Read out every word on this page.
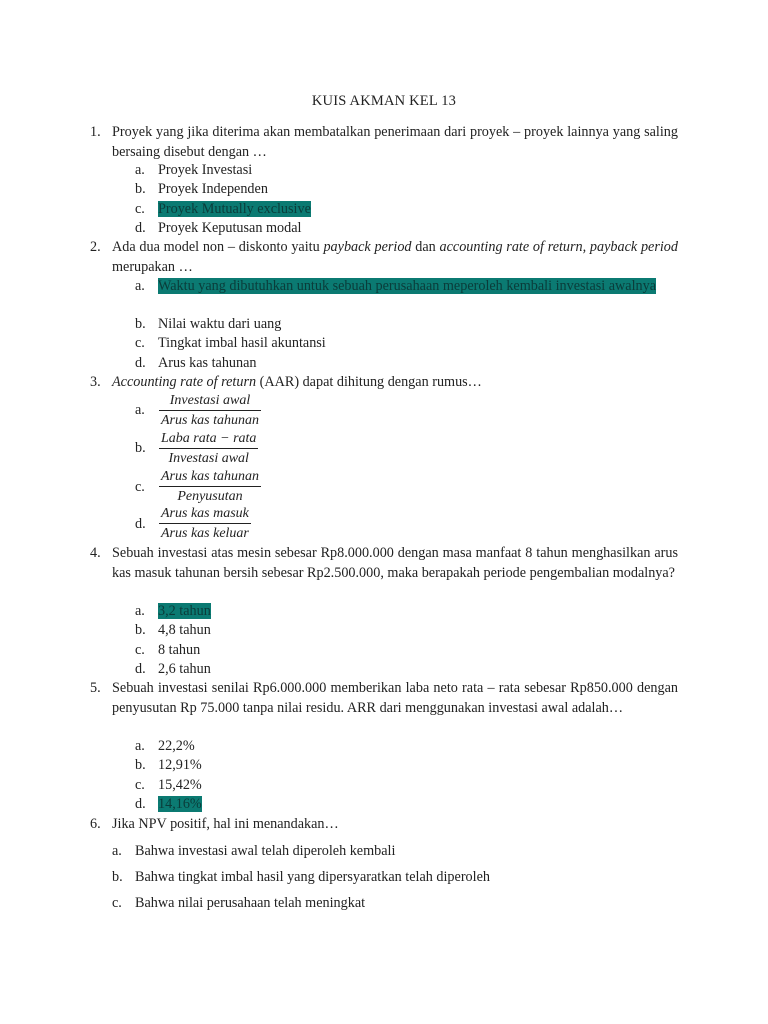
KUIS AKMAN KEL 13
1. Proyek yang jika diterima akan membatalkan penerimaan dari proyek – proyek lainnya yang saling bersaing disebut dengan …
a. Proyek Investasi
b. Proyek Independen
c. Proyek Mutually exclusive
d. Proyek Keputusan modal
2. Ada dua model non – diskonto yaitu payback period dan accounting rate of return, payback period merupakan …
a. Waktu yang dibutuhkan untuk sebuah perusahaan meperoleh kembali investasi awalnya
b. Nilai waktu dari uang
c. Tingkat imbal hasil akuntansi
d. Arus kas tahunan
3. Accounting rate of return (AAR) dapat dihitung dengan rumus…
a.
Investasi awal
Arus kas tahunan
b.
Laba rata − rata
Investasi awal
c.
Arus kas tahunan
Penyusutan
d.
Arus kas masuk
Arus kas keluar
4. Sebuah investasi atas mesin sebesar Rp8.000.000 dengan masa manfaat 8 tahun menghasilkan arus kas masuk tahunan bersih sebesar Rp2.500.000, maka berapakah periode pengembalian modalnya?
a. 3,2 tahun
b. 4,8 tahun
c. 8 tahun
d. 2,6 tahun
5. Sebuah investasi senilai Rp6.000.000 memberikan laba neto rata – rata sebesar Rp850.000 dengan penyusutan Rp 75.000 tanpa nilai residu. ARR dari menggunakan investasi awal adalah…
a. 22,2%
b. 12,91%
c. 15,42%
d. 14,16%
6. Jika NPV positif, hal ini menandakan…
a. Bahwa investasi awal telah diperoleh kembali
b. Bahwa tingkat imbal hasil yang dipersyaratkan telah diperoleh
c. Bahwa nilai perusahaan telah meningkat
